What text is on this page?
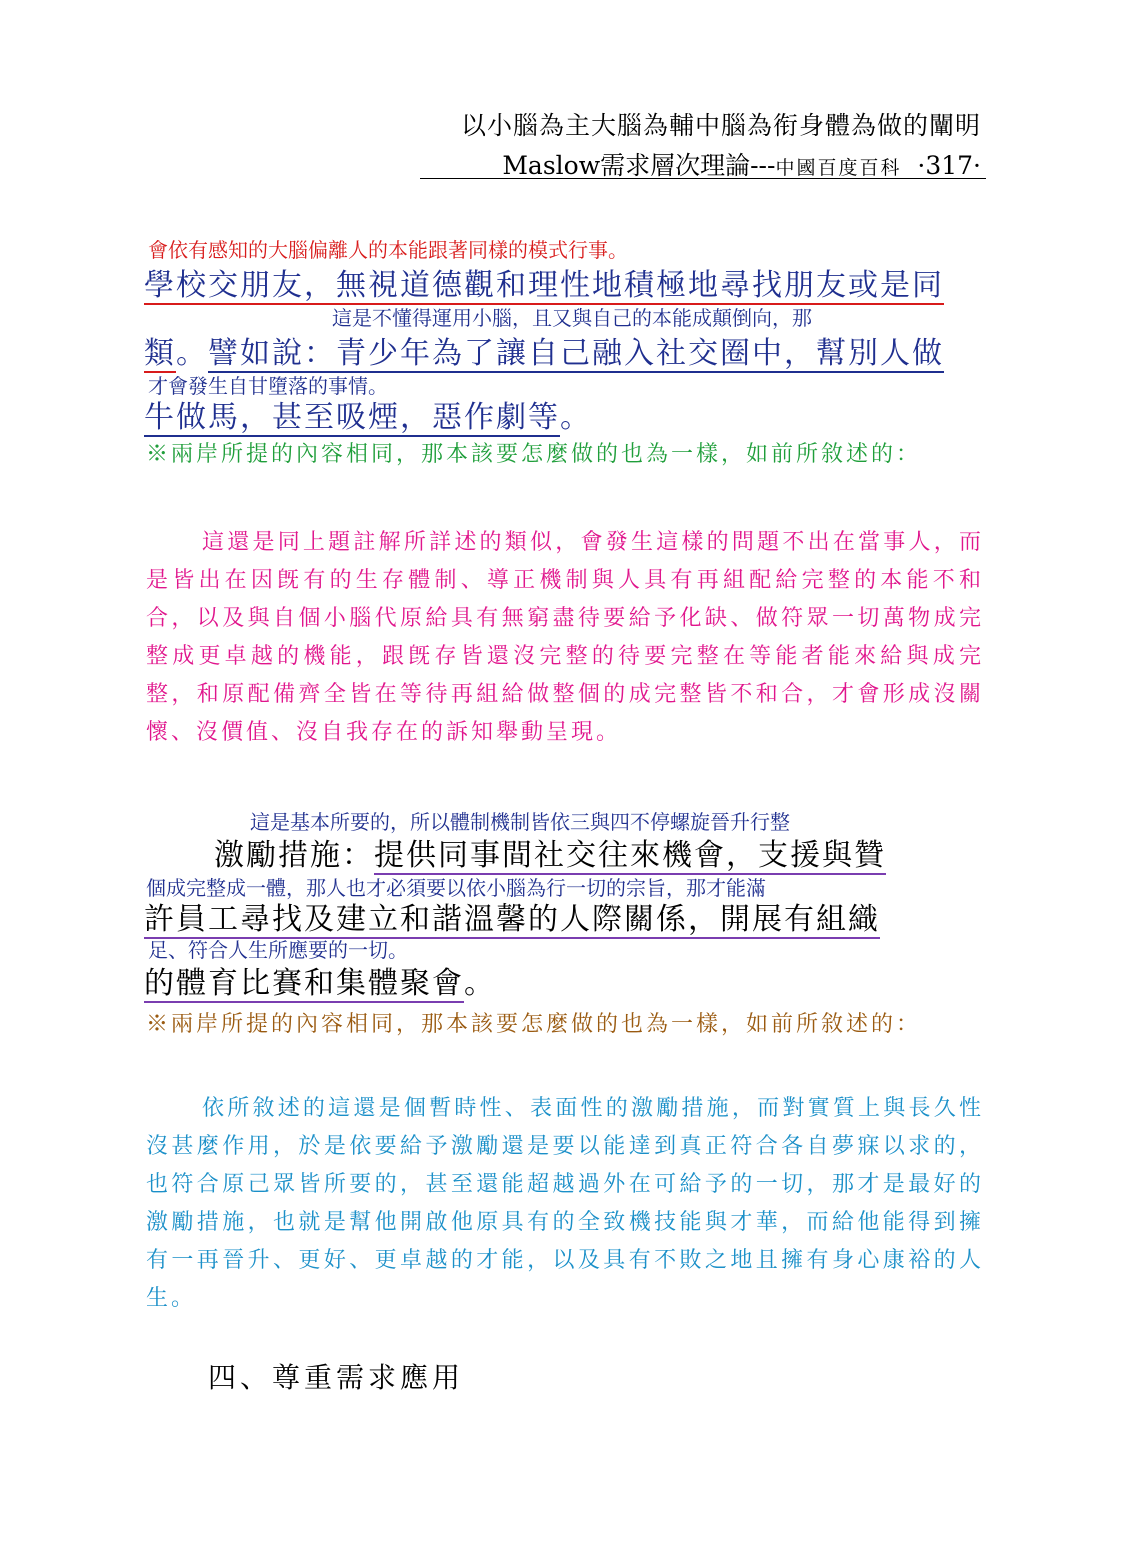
以小腦為主大腦為輔中腦為衔身體為做的闡明
Maslow需求層次理論---中國百度百科 ·317·
會依有感知的大腦偏離人的本能跟著同樣的模式行事。
學校交朋友，無視道德觀和理性地積極地尋找朋友或是同
這是不懂得運用小腦，且又與自己的本能成顛倒向，那
類。譬如說：青少年為了讓自己融入社交圈中，幫別人做
才會發生自甘墮落的事情。
牛做馬，甚至吸煙，惡作劇等。

※兩岸所提的內容相同，那本該要怎麼做的也為一樣，如前所敘述的：

這還是同上題註解所詳述的類似，會發生這樣的問題不出在當事人，而是皆出在因旣有的生存體制、導正機制與人具有再組配給完整的本能不和合，以及與自個小腦代原給具有無窮盡待要給予化缺、做符眾一切萬物成完整成更卓越的機能，跟旣存皆還沒完整的待要完整在等能者能來給與成完整，和原配備齊全皆在等待再組給做整個的成完整皆不和合，才會形成沒關懷、沒價值、沒自我存在的訴知舉動呈現。

這是基本所要的，所以體制機制皆依三與四不停螺旋晉升行整
激勵措施：提供同事間社交往來機會，支援與贊
個成完整成一體，那人也才必須要以依小腦為行一切的宗旨，那才能滿
許員工尋找及建立和諧溫馨的人際關係，開展有組織
足、符合人生所應要的一切。
的體育比賽和集體聚會。

※兩岸所提的內容相同，那本該要怎麼做的也為一樣，如前所敘述的：

依所敘述的這還是個暫時性、表面性的激勵措施，而對實質上與長久性沒甚麼作用，於是依要給予激勵還是要以能達到真正符合各自夢寐以求的，也符合原己眾皆所要的，甚至還能超越過外在可給予的一切，那才是最好的激勵措施，也就是幫他開啟他原具有的全致機技能與才華，而給他能得到擁有一再晉升、更好、更卓越的才能，以及具有不敗之地且擁有身心康裕的人生。

四、尊重需求應用
